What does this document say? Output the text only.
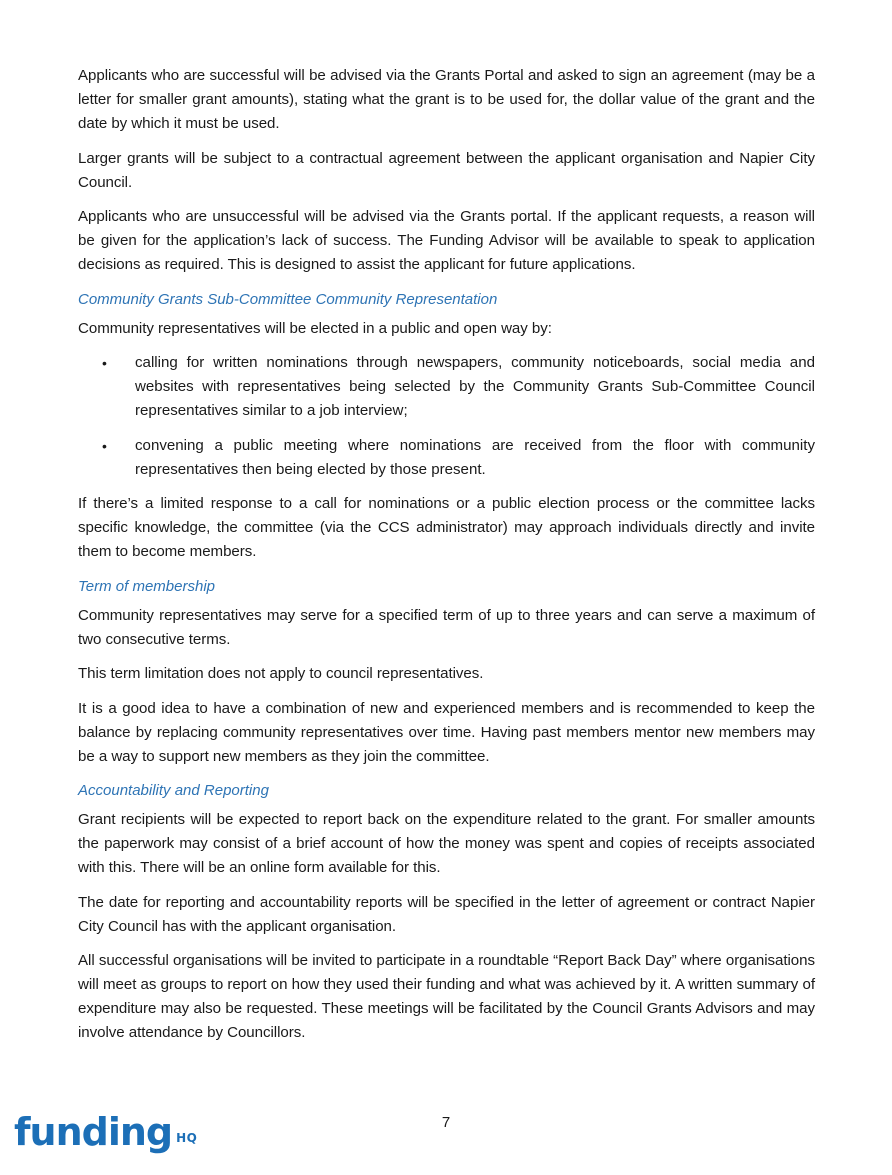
Applicants who are successful will be advised via the Grants Portal and asked to sign an agreement (may be a letter for smaller grant amounts), stating what the grant is to be used for, the dollar value of the grant and the date by which it must be used.

Larger grants will be subject to a contractual agreement between the applicant organisation and Napier City Council.

Applicants who are unsuccessful will be advised via the Grants portal. If the applicant requests, a reason will be given for the application’s lack of success. The Funding Advisor will be available to speak to application decisions as required. This is designed to assist the applicant for future applications.

Community Grants Sub-Committee Community Representation

Community representatives will be elected in a public and open way by:

• calling for written nominations through newspapers, community noticeboards, social media and websites with representatives being selected by the Community Grants Sub-Committee Council representatives similar to a job interview;
• convening a public meeting where nominations are received from the floor with community representatives then being elected by those present.

If there’s a limited response to a call for nominations or a public election process or the committee lacks specific knowledge, the committee (via the CCS administrator) may approach individuals directly and invite them to become members.

Term of membership

Community representatives may serve for a specified term of up to three years and can serve a maximum of two consecutive terms.

This term limitation does not apply to council representatives.

It is a good idea to have a combination of new and experienced members and is recommended to keep the balance by replacing community representatives over time. Having past members mentor new members may be a way to support new members as they join the committee.

Accountability and Reporting

Grant recipients will be expected to report back on the expenditure related to the grant. For smaller amounts the paperwork may consist of a brief account of how the money was spent and copies of receipts associated with this. There will be an online form available for this.

The date for reporting and accountability reports will be specified in the letter of agreement or contract Napier City Council has with the applicant organisation.

All successful organisations will be invited to participate in a roundtable “Report Back Day” where organisations will meet as groups to report on how they used their funding and what was achieved by it. A written summary of expenditure may also be requested. These meetings will be facilitated by the Council Grants Advisors and may involve attendance by Councillors.

funding $^{HQ}$
7
